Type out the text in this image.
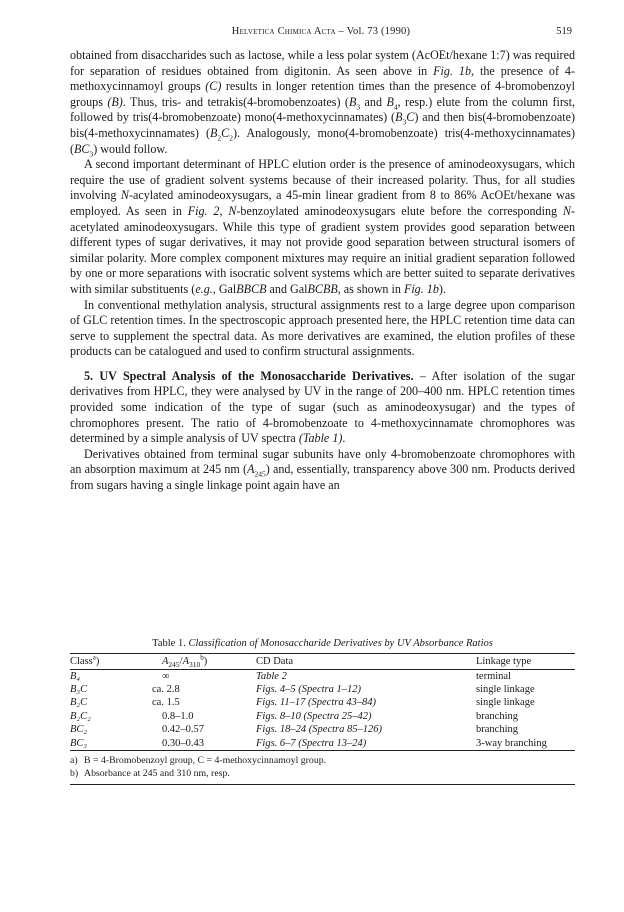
Helvetica Chimica Acta – Vol. 73 (1990)	519

obtained from disaccharides such as lactose, while a less polar system (AcOEt/hexane 1:7) was required for separation of residues obtained from digitonin. As seen above in Fig. 1b, the presence of 4-methoxycinnamoyl groups (C) results in longer retention times than the presence of 4-bromobenzoyl groups (B). Thus, tris- and tetrakis(4-bromobenzoates) ($B_3$ and $B_4$, resp.) elute from the column first, followed by tris(4-bromobenzoate) mono(4-methoxycinnamates) $(B_3C)$ and then bis(4-bromobenzoate) bis(4-methoxycinnamates) $(B_2C_2)$. Analogously, mono(4-bromobenzoate) tris(4-methoxycinnamates) $(BC_3)$ would follow.

A second important determinant of HPLC elution order is the presence of aminodeoxysugars, which require the use of gradient solvent systems because of their increased polarity. Thus, for all studies involving N-acylated aminodeoxysugars, a 45-min linear gradient from 8 to 86% AcOEt/hexane was employed. As seen in Fig. 2, N-benzoylated aminodeoxysugars elute before the corresponding N-acetylated aminodeoxysugars. While this type of gradient system provides good separation between different types of sugar derivatives, it may not provide good separation between structural isomers of similar polarity. More complex component mixtures may require an initial gradient separation followed by one or more separations with isocratic solvent systems which are better suited to separate derivatives with similar substituents (e.g., GalBBCB and GalBCBB, as shown in Fig. 1b).

In conventional methylation analysis, structural assignments rest to a large degree upon comparison of GLC retention times. In the spectroscopic approach presented here, the HPLC retention time data can serve to supplement the spectral data. As more derivatives are examined, the elution profiles of these products can be catalogued and used to confirm structural assignments.

5. UV Spectral Analysis of the Monosaccharide Derivatives. – After isolation of the sugar derivatives from HPLC, they were analysed by UV in the range of 200–400 nm. HPLC retention times provided some indication of the type of sugar (such as aminodeoxysugar) and the types of chromophores present. The ratio of 4-bromobenzoate to 4-methoxycinnamate chromophores was determined by a simple analysis of UV spectra (Table 1).

Derivatives obtained from terminal sugar subunits have only 4-bromobenzoate chromophores with an absorption maximum at 245 nm $(A_{245})$ and, essentially, transparency above 300 nm. Products derived from sugars having a single linkage point again have an

Table 1. Classification of Monosaccharide Derivatives by UV Absorbance Ratios
Class$^a$)	$A_{245}/A_{310}^b$)	CD Data	Linkage type
B₄	∞	Table 2	terminal
B₃C	ca. 2.8	Figs. 4–5 (Spectra 1–12)	single linkage
B₂C	ca. 1.5	Figs. 11–17 (Spectra 43–84)	single linkage
B₂C₂	0.8–1.0	Figs. 8–10 (Spectra 25–42)	branching
BC₂	0.42–0.57	Figs. 18–24 (Spectra 85–126)	branching
BC₃	0.30–0.43	Figs. 6–7 (Spectra 13–24)	3-way branching

a) B = 4-Bromobenzoyl group, C = 4-methoxycinnamoyl group.
b) Absorbance at 245 and 310 nm, resp.
